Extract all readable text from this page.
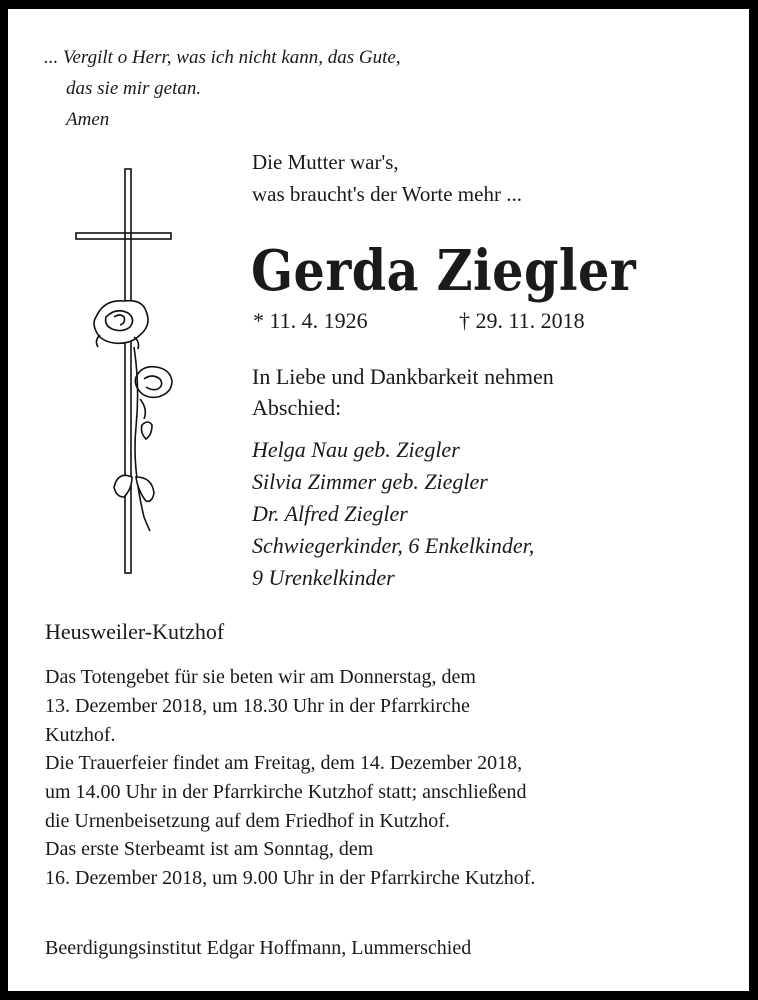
... Vergilt o Herr, was ich nicht kann, das Gute,
das sie mir getan.
Amen
Die Mutter war's,
was braucht's der Worte mehr ...
Gerda Ziegler
* 11. 4. 1926	† 29. 11. 2018
In Liebe und Dankbarkeit nehmen
Abschied:
Helga Nau geb. Ziegler
Silvia Zimmer geb. Ziegler
Dr. Alfred Ziegler
Schwiegerkinder, 6 Enkelkinder,
9 Urenkelkinder
Heusweiler-Kutzhof
Das Totengebet für sie beten wir am Donnerstag, dem
13. Dezember 2018, um 18.30 Uhr in der Pfarrkirche
Kutzhof.
Die Trauerfeier findet am Freitag, dem 14. Dezember 2018,
um 14.00 Uhr in der Pfarrkirche Kutzhof statt; anschließend
die Urnenbeisetzung auf dem Friedhof in Kutzhof.
Das erste Sterbeamt ist am Sonntag, dem
16. Dezember 2018, um 9.00 Uhr in der Pfarrkirche Kutzhof.
Beerdigungsinstitut Edgar Hoffmann, Lummerschied
